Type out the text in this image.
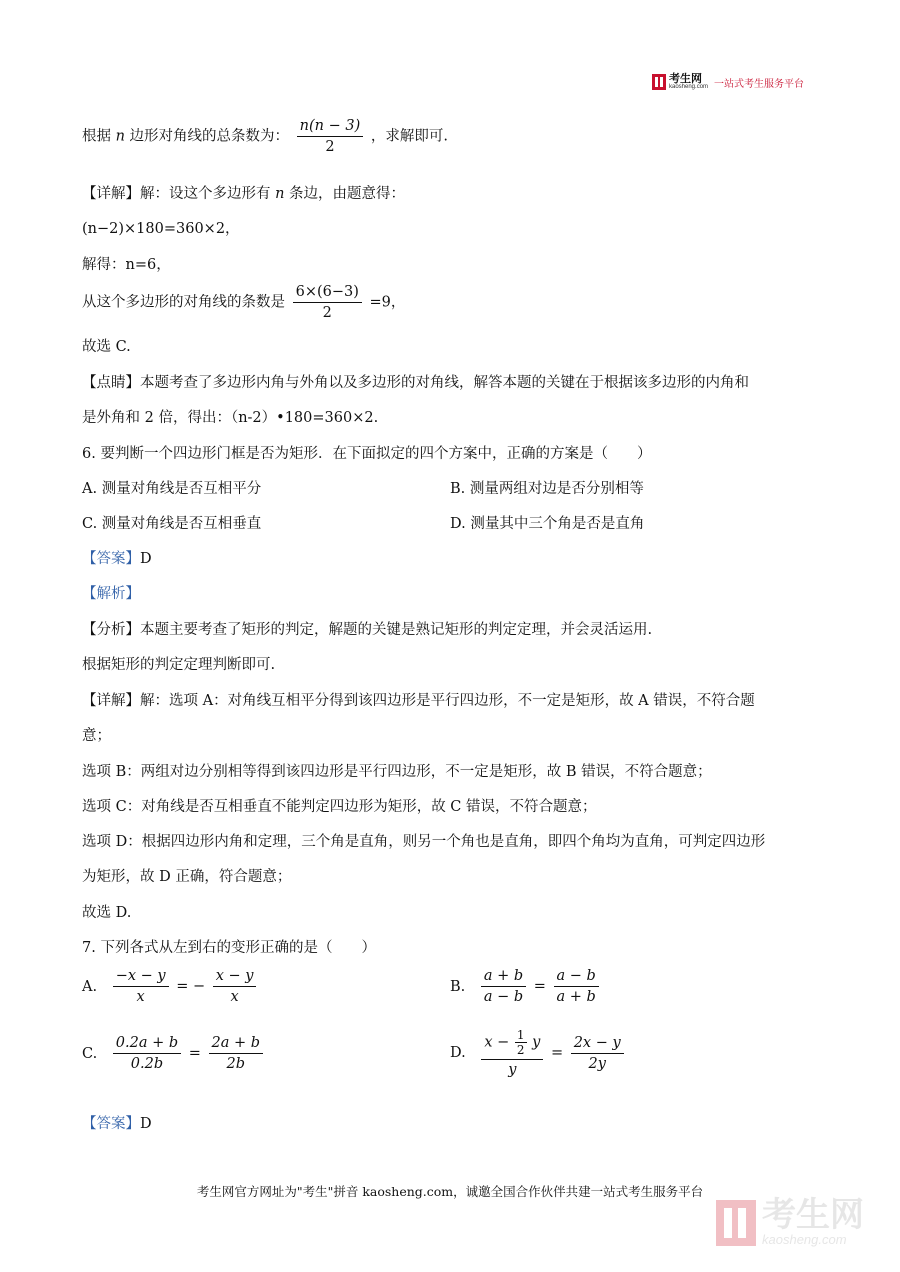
考生网
kaosheng.com 一站式考生服务平台
根据 n 边形对角线的总条数为： $\frac{n(n - 3)}{2}$ ，求解即可.
【详解】解：设这个多边形有 n 条边，由题意得：
(n−2)×180=360×2，
解得：n=6，
从这个多边形的对角线的条数是 $\frac{6\times(6-3)}{2} =9$，
故选 C.
【点睛】本题考查了多边形内角与外角以及多边形的对角线，解答本题的关键在于根据该多边形的内角和
是外角和 2 倍，得出：（n-2）•180=360×2.
6. 要判断一个四边形门框是否为矩形．在下面拟定的四个方案中，正确的方案是（　　）
A. 测量对角线是否互相平分	B. 测量两组对边是否分别相等
C. 测量对角线是否互相垂直	D. 测量其中三个角是否是直角
【答案】D
【解析】
【分析】本题主要考查了矩形的判定，解题的关键是熟记矩形的判定定理，并会灵活运用.
根据矩形的判定定理判断即可.
【详解】解：选项 A：对角线互相平分得到该四边形是平行四边形，不一定是矩形，故 A 错误，不符合题
意；
选项 B：两组对边分别相等得到该四边形是平行四边形，不一定是矩形，故 B 错误，不符合题意；
选项 C：对角线是否互相垂直不能判定四边形为矩形，故 C 错误，不符合题意；
选项 D：根据四边形内角和定理，三个角是直角，则另一个角也是直角，即四个角均为直角，可判定四边形
为矩形，故 D 正确，符合题意；
故选 D.
7. 下列各式从左到右的变形正确的是（　　）
A. $\frac{-x - y}{x}$ = − $\frac{x - y}{x}$	B. $\frac{a + b}{a - b} = \frac{a - b}{a + b}$
C. $\frac{0.2a + b}{0.2b} = \frac{2a + b}{2b}$	D. $\frac{x - \frac{1}{2} y}{y} = \frac{2x - y}{2y}$
【答案】D
考生网官方网址为"考生"拼音 kaosheng.com，诚邀全国合作伙伴共建一站式考生服务平台
考生网
kaosheng.com
